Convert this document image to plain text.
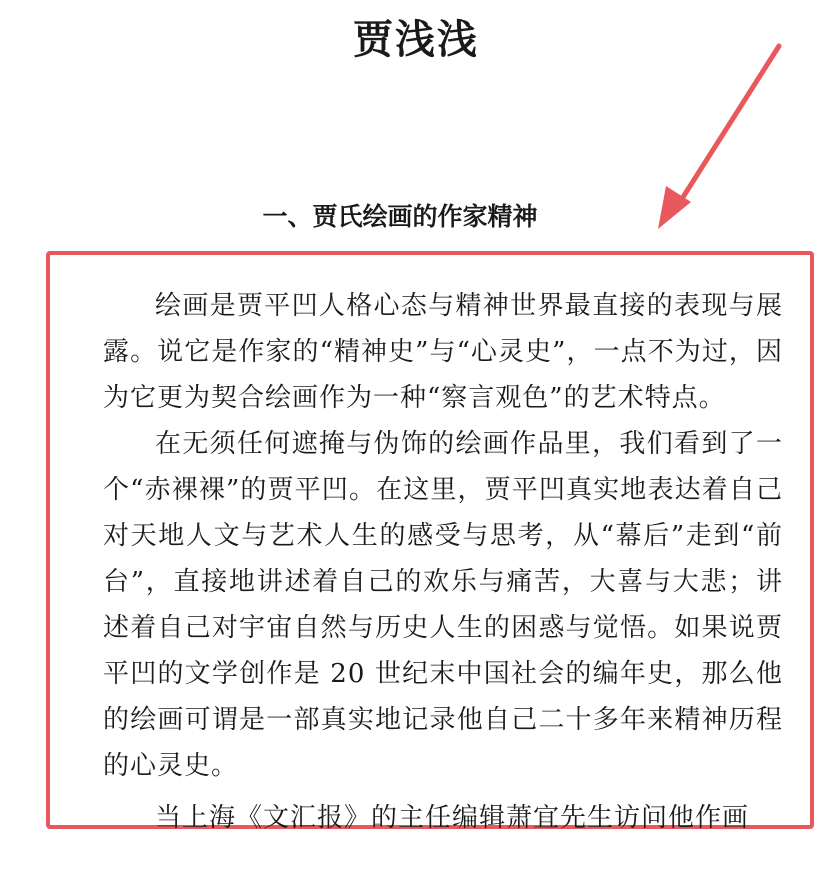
贾浅浅
一、贾氏绘画的作家精神

绘画是贾平凹人格心态与精神世界最直接的表现与展露。说它是作家的“精神史”与“心灵史”，一点不为过，因为它更为契合绘画作为一种“察言观色”的艺术特点。

在无须任何遮掩与伪饰的绘画作品里，我们看到了一个“赤裸裸”的贾平凹。在这里，贾平凹真实地表达着自己对天地人文与艺术人生的感受与思考，从“幕后”走到“前台”，直接地讲述着自己的欢乐与痛苦，大喜与大悲；讲述着自己对宇宙自然与历史人生的困惑与觉悟。如果说贾平凹的文学创作是 20 世纪末中国社会的编年史，那么他的绘画可谓是一部真实地记录他自己二十多年来精神历程的心灵史。

当上海《文汇报》的主任编辑萧宜先生访问他作画
